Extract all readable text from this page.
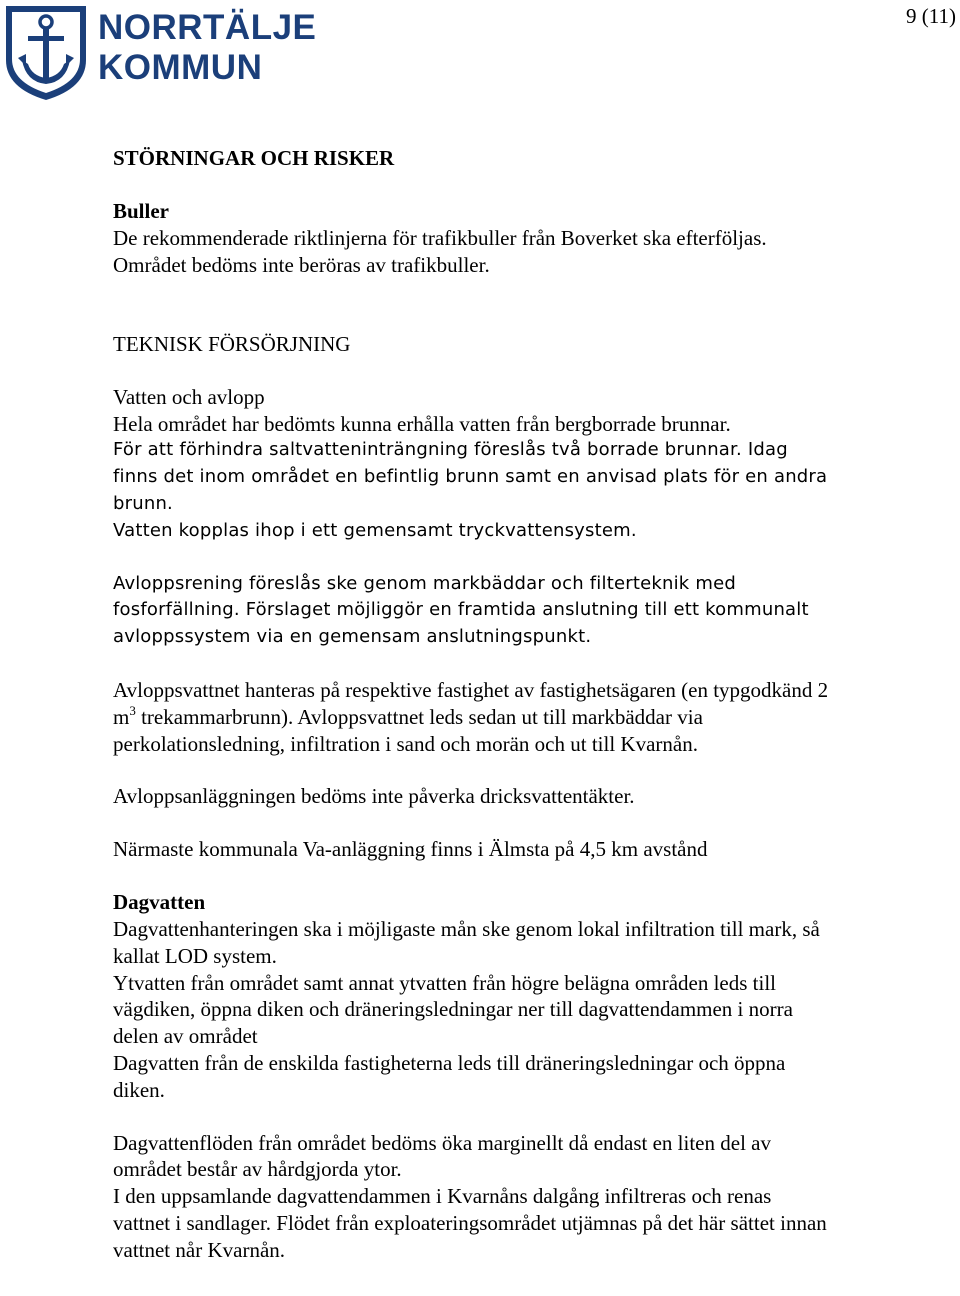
NORRTÄLJE
KOMMUN
9 (11)

STÖRNINGAR OCH RISKER

Buller

De rekommenderade riktlinjerna för trafikbuller från Boverket ska efterföljas. Området bedöms inte beröras av trafikbuller.

TEKNISK FÖRSÖRJNING

Vatten och avlopp

Hela området har bedömts kunna erhålla vatten från bergborrade brunnar.

För att förhindra saltvatteninträngning föreslås två borrade brunnar. Idag finns det inom området en befintlig brunn samt en anvisad plats för en andra brunn.

Vatten kopplas ihop i ett gemensamt tryckvattensystem.

Avloppsrening föreslås ske genom markbäddar och filterteknik med fosforfällning. Förslaget möjliggör en framtida anslutning till ett kommunalt avloppssystem via en gemensam anslutningspunkt.

Avloppsvattnet hanteras på respektive fastighet av fastighetsägaren (en typgodkänd 2 $m^3$ trekammarbrunn). Avloppsvattnet leds sedan ut till markbäddar via perkolationsledning, infiltration i sand och morän och ut till Kvarnån.

Avloppsanläggningen bedöms inte påverka dricksvattentäkter.

Närmaste kommunala Va-anläggning finns i Älmsta på 4,5 km avstånd

Dagvatten

Dagvattenhanteringen ska i möjligaste mån ske genom lokal infiltration till mark, så kallat LOD system.

Ytvatten från området samt annat ytvatten från högre belägna områden leds till vägdiken, öppna diken och dräneringsledningar ner till dagvattendammen i norra delen av området

Dagvatten från de enskilda fastigheterna leds till dräneringsledningar och öppna diken.

Dagvattenflöden från området bedöms öka marginellt då endast en liten del av området består av hårdgjorda ytor.

I den uppsamlande dagvattendammen i Kvarnåns dalgång infiltreras och renas vattnet i sandlager. Flödet från exploateringsområdet utjämnas på det här sättet innan vattnet når Kvarnån.
